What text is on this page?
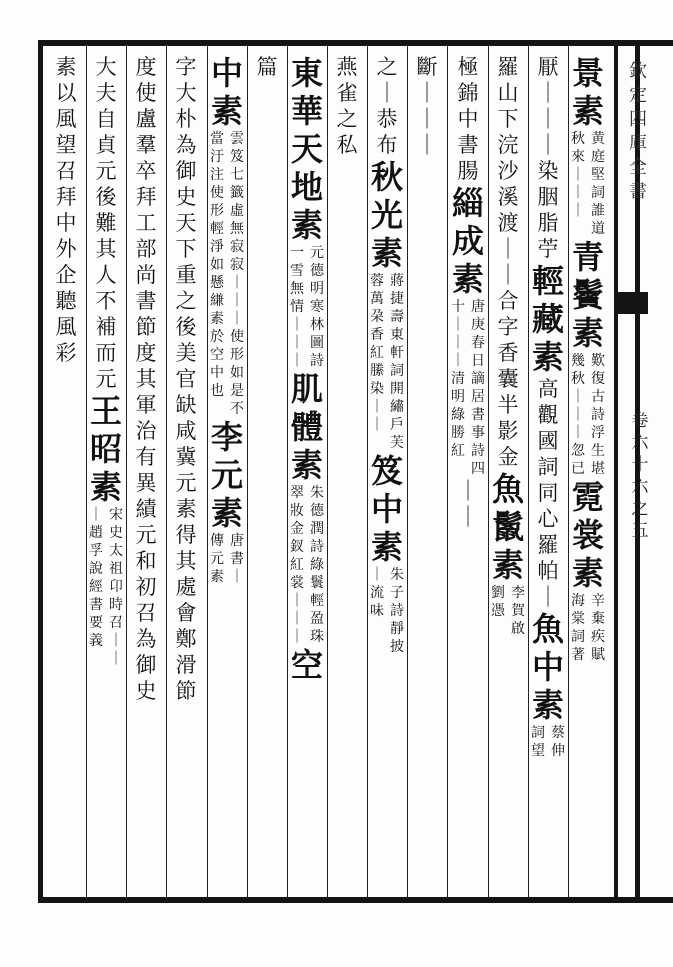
欽
定
四
庫
全
書
卷
六
十
六
之
五
景
素
黄
庭
堅
詞
誰
道
秋
來
｜
｜
｜
青
鬢
素
歎
復
古
詩
浮
生
堪
幾
秋
｜
｜
｜
忽
已
霓
裳
素
辛
棄
疾
賦
海
棠
詞
著
厭
｜
｜
｜
染
胭
脂
苧
輕
藏
素
高
觀
國
詞
同
心
羅
帕
｜
魚
中
素
蔡
伸
詞
望
羅
山
下
浣
沙
溪
渡
｜
｜
合
字
香
囊
半
影
金
魚
鬛
素
李
賀
啟
劉
憑
極
錦
中
書
腸
緇
成
素
唐
庚
春
日
謫
居
書
事
詩
四
十
｜
｜
｜
清
明
綠
勝
紅
｜
｜
斷
｜
｜
｜
之
｜
恭
布
秋
光
素
蔣
捷
壽
東
軒
詞
開
繡
戶
芙
蓉
萬
朶
香
紅
縢
染
｜
｜
笈
中
素
朱
子
詩
靜
披
｜
流
味
燕
雀
之
私
東
華
天
地
素
元
德
明
寒
林
圖
詩
一
雪
無
情
｜
｜
｜
肌
體
素
朱
德
潤
詩
綠
鬟
輕
盈
珠
翠
妝
金
釵
紅
裳
｜
｜
｜
空
篇
中
素
雲
笈
七
籤
虛
無
寂
寂
｜
｜
｜
使
形
如
是
不
當
汙
注
使
形
輕
淨
如
懸
縑
素
於
空
中
也
李
元
素
唐
書
｜
傳
元
素
字
大
朴
為
御
史
天
下
重
之
後
美
官
缺
咸
冀
元
素
得
其
處
會
鄭
滑
節
度
使
盧
羣
卒
拜
工
部
尚
書
節
度
其
軍
治
有
異
績
元
和
初
召
為
御
史
大
夫
自
貞
元
後
難
其
人
不
補
而
元
王
昭
素
宋
史
太
祖
卬
時
召
｜
｜
｜
趙
孚
說
經
書
要
義
素
以
風
望
召
拜
中
外
企
聽
風
彩
